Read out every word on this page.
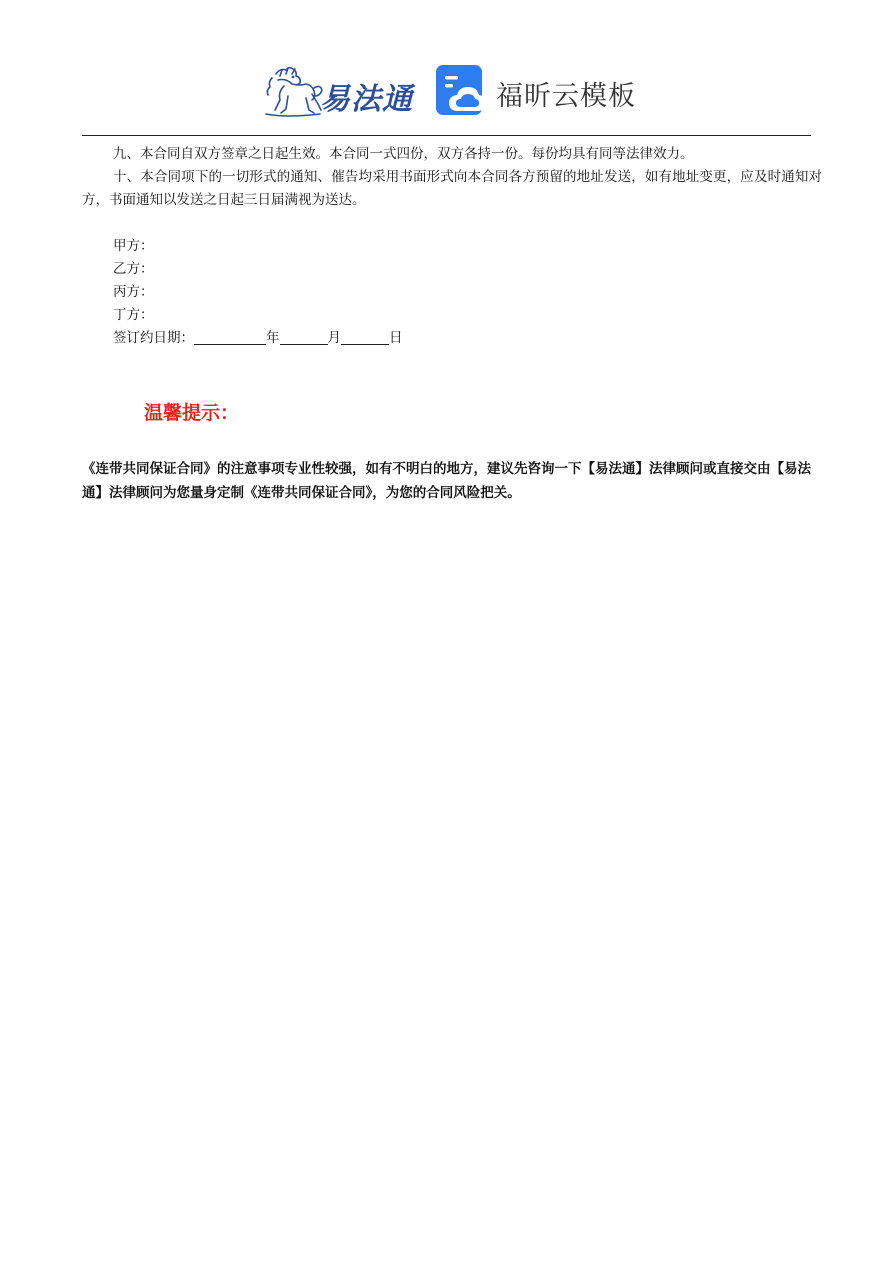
易法通	福昕云模板

九、本合同自双方签章之日起生效。本合同一式四份，双方各持一份。每份均具有同等法律效力。

十、本合同项下的一切形式的通知、催告均采用书面形式向本合同各方预留的地址发送，如有地址变更，应及时通知对方，书面通知以发送之日起三日届满视为送达。

甲方：

乙方：

丙方：

丁方：

签订约日期：	年	月	日

温馨提示：

《连带共同保证合同》的注意事项专业性较强，如有不明白的地方，建议先咨询一下【易法通】法律顾问或直接交由【易法通】法律顾问为您量身定制《连带共同保证合同》，为您的合同风险把关。
